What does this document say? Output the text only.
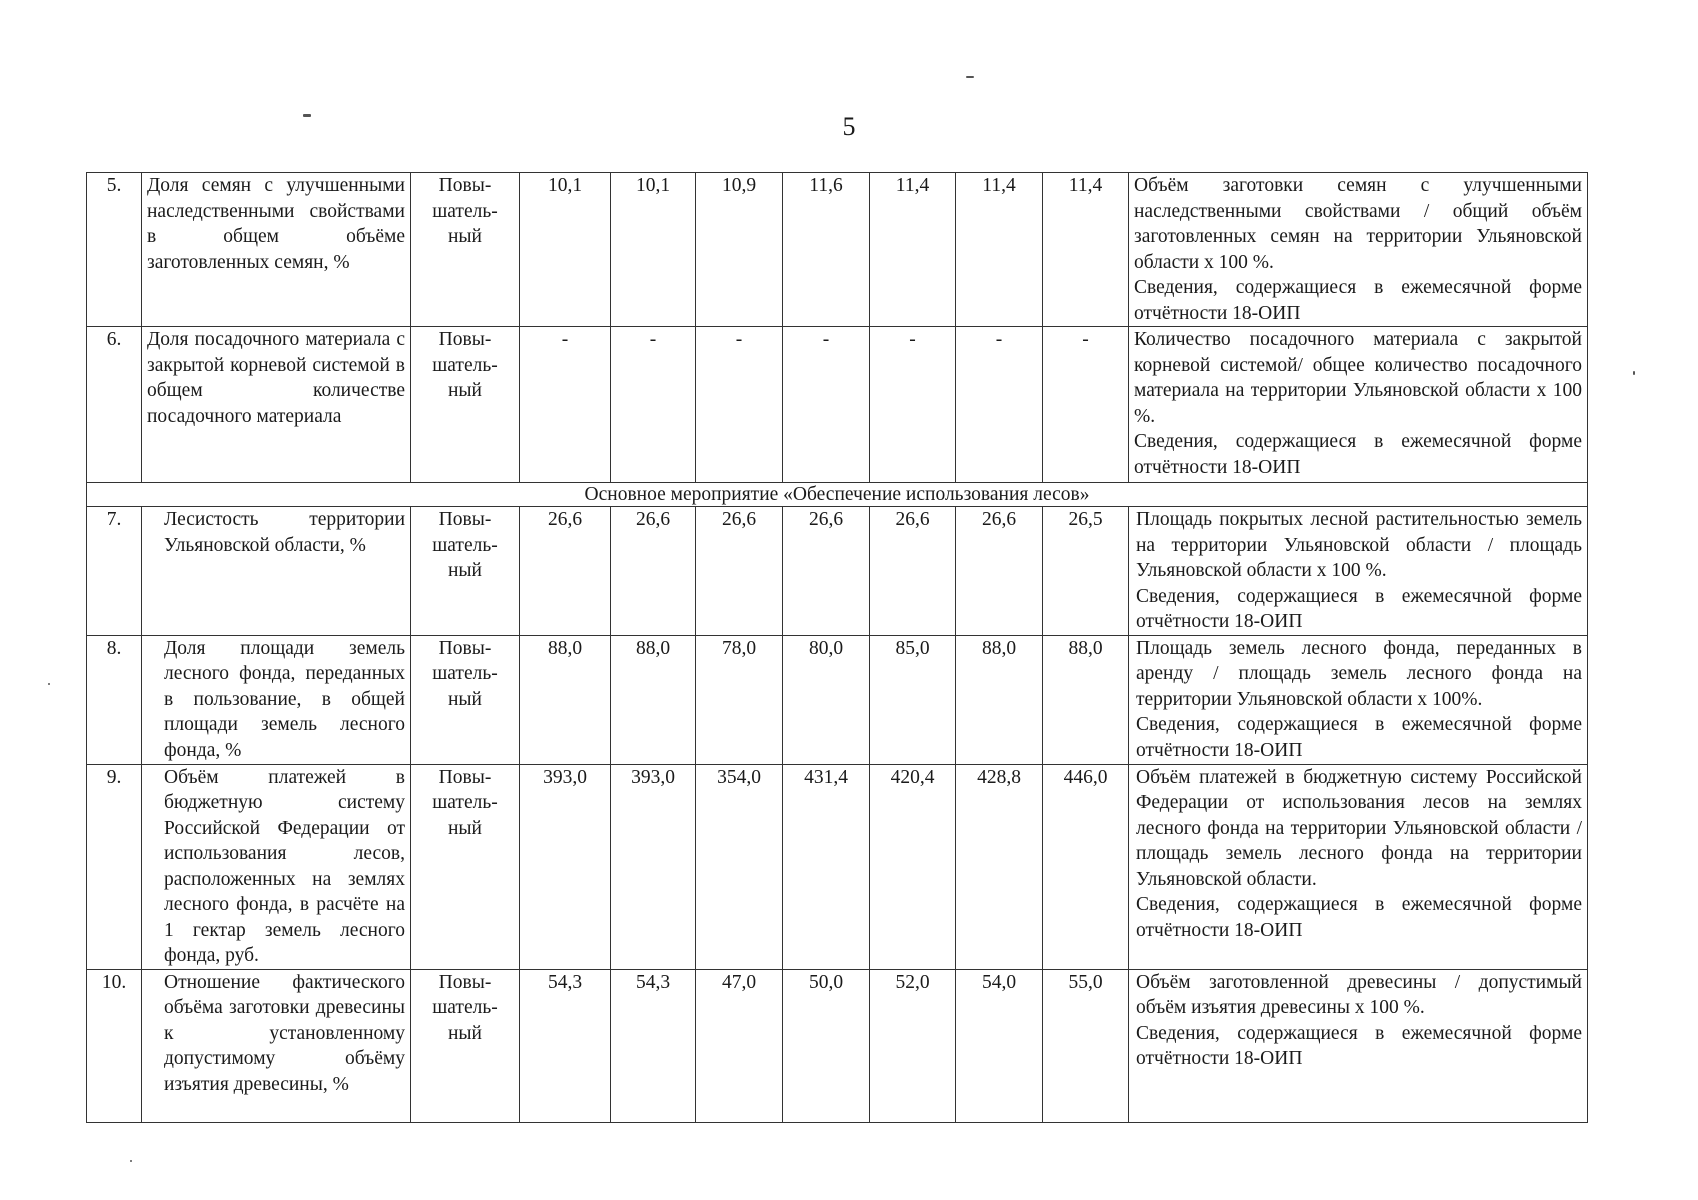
5
5.	Доля семян с улучшенными наследственными свойствами в общем объёме заготовленных семян, %	Повы-шатель-ный	10,1	10,1	10,9	11,6	11,4	11,4	11,4	Объём заготовки семян с улучшенными наследственными свойствами / общий объём заготовленных семян на территории Ульяновской области х 100 %.
Сведения, содержащиеся в ежемесячной форме отчётности 18-ОИП

6.	Доля посадочного материала с закрытой корневой системой в общем количестве посадочного материала	Повы-шатель-ный	-	-	-	-	-	-	-	Количество посадочного материала с закрытой корневой системой/ общее количество посадочного материала на территории Ульяновской области х 100 %.
Сведения, содержащиеся в ежемесячной форме отчётности 18-ОИП

Основное мероприятие «Обеспечение использования лесов»										
7.	Лесистость территории Ульяновской области, %	Повы-шатель-ный	26,6	26,6	26,6	26,6	26,6	26,6	26,5	Площадь покрытых лесной растительностью земель на территории Ульяновской области / площадь Ульяновской области х 100 %.
Сведения, содержащиеся в ежемесячной форме отчётности 18-ОИП

8.	Доля площади земель лесного фонда, переданных в пользование, в общей площади земель лесного фонда, %	Повы-шатель-ный	88,0	88,0	78,0	80,0	85,0	88,0	88,0	Площадь земель лесного фонда, переданных в аренду / площадь земель лесного фонда на территории Ульяновской области х 100%.
Сведения, содержащиеся в ежемесячной форме отчётности 18-ОИП

9.	Объём платежей в бюджетную систему Российской Федерации от использования лесов, расположенных на землях лесного фонда, в расчёте на 1 гектар земель лесного фонда, руб.	Повы-шатель-ный	393,0	393,0	354,0	431,4	420,4	428,8	446,0	Объём платежей в бюджетную систему Российской Федерации от использования лесов на землях лесного фонда на территории Ульяновской области / площадь земель лесного фонда на территории Ульяновской области.
Сведения, содержащиеся в ежемесячной форме отчётности 18-ОИП

10.	Отношение фактического объёма заготовки древесины к установленному допустимому объёму изъятия древесины, %	Повы-шатель-ный	54,3	54,3	47,0	50,0	52,0	54,0	55,0	Объём заготовленной древесины / допустимый объём изъятия древесины х 100 %.
Сведения, содержащиеся в ежемесячной форме отчётности 18-ОИП
